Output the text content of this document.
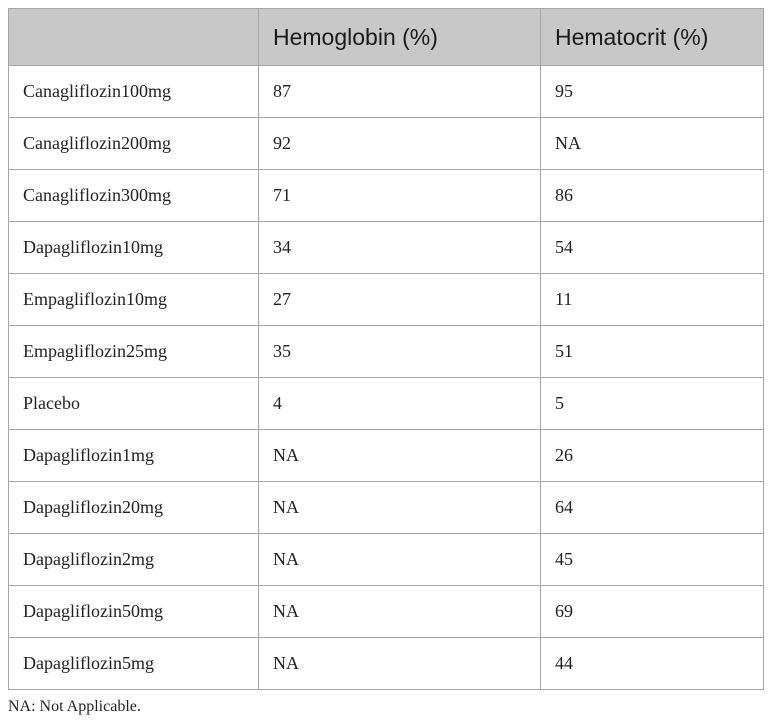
	Hemoglobin (%)	Hematocrit (%)
Canagliflozin100mg	87	95
Canagliflozin200mg	92	NA
Canagliflozin300mg	71	86
Dapagliflozin10mg	34	54
Empagliflozin10mg	27	11
Empagliflozin25mg	35	51
Placebo	4	5
Dapagliflozin1mg	NA	26
Dapagliflozin20mg	NA	64
Dapagliflozin2mg	NA	45
Dapagliflozin50mg	NA	69
Dapagliflozin5mg	NA	44
NA: Not Applicable.
